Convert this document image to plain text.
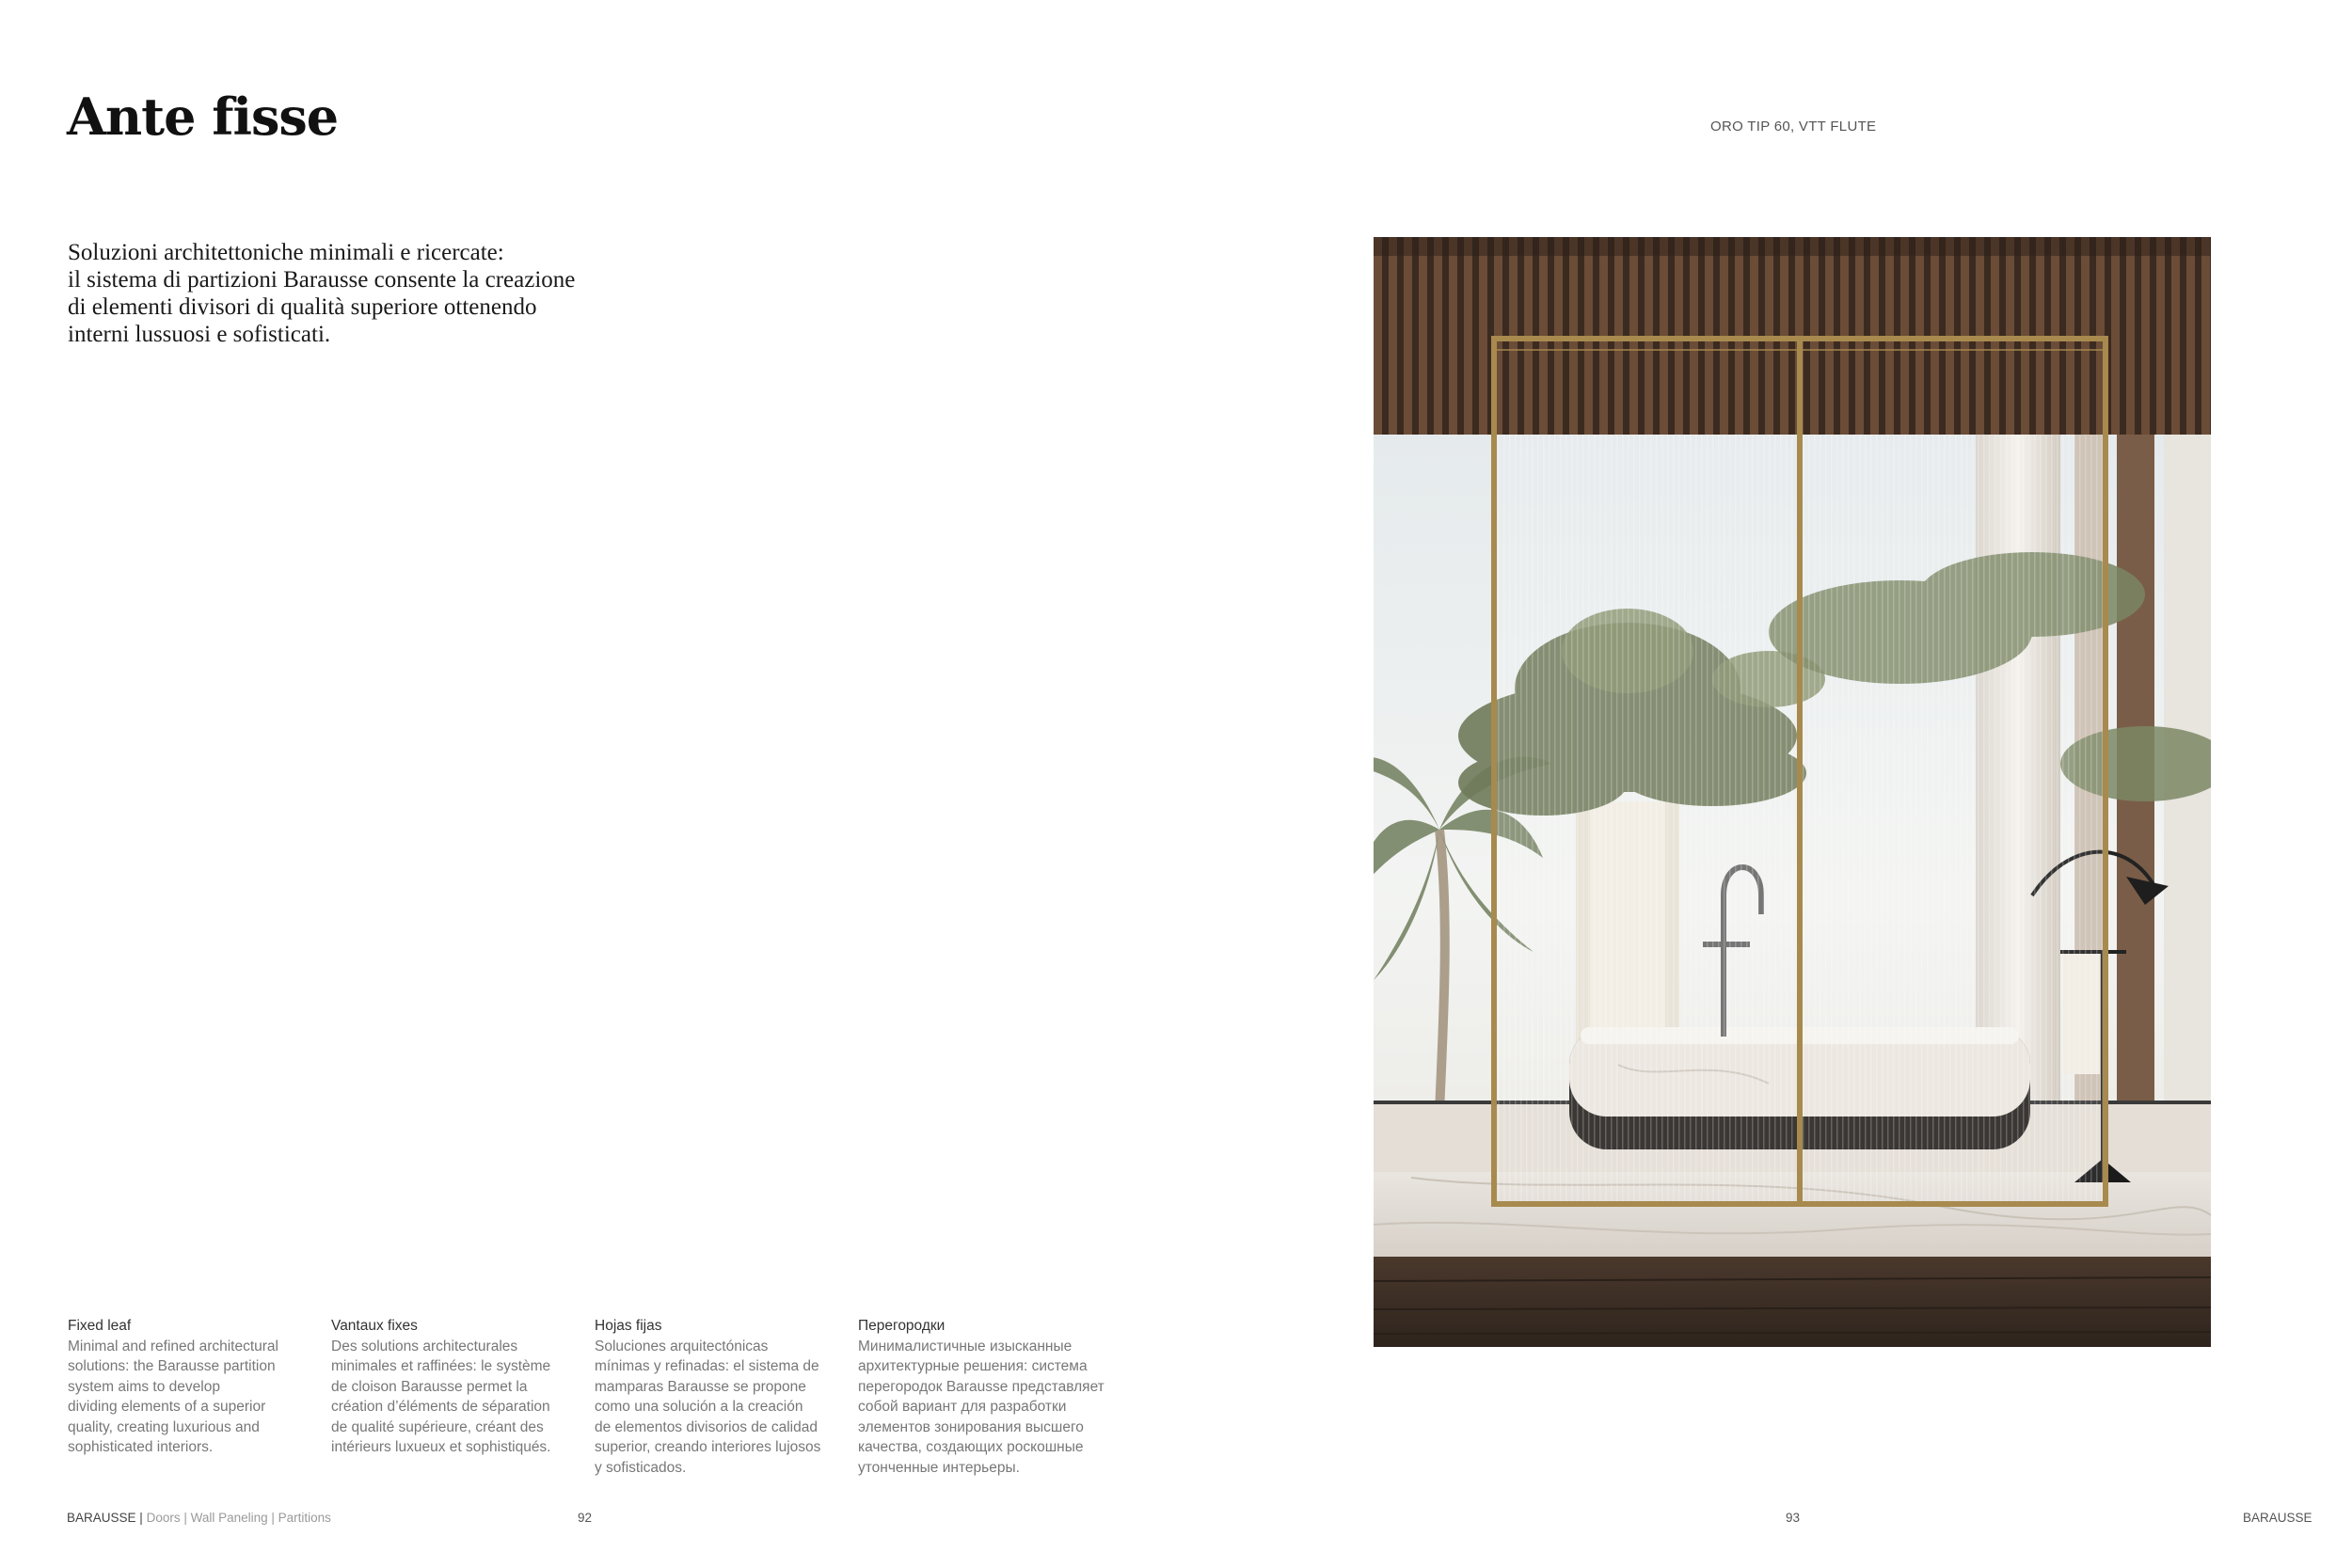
Ante fisse	ORO TIP 60, VTT FLUTE
Soluzioni architettoniche minimali e ricercate:
il sistema di partizioni Barausse consente la creazione
di elementi divisori di qualità superiore ottenendo
interni lussuosi e sofisticati.
Fixed leaf
Minimal and refined architectural
solutions: the Barausse partition
system aims to develop
dividing elements of a superior
quality, creating luxurious and
sophisticated interiors.
Vantaux fixes
Des solutions architecturales
minimales et raffinées: le système
de cloison Barausse permet la
création d’éléments de séparation
de qualité supérieure, créant des
intérieurs luxueux et sophistiqués.
Hojas fijas
Soluciones arquitectónicas
mínimas y refinadas: el sistema de
mamparas Barausse se propone
como una solución a la creación
de elementos divisorios de calidad
superior, creando interiores lujosos
y sofisticados.
Перегородки
Минималистичные изысканные
архитектурные решения: система
перегородок Barausse представляет
собой вариант для разработки
элементов зонирования высшего
качества, создающих роскошные
утонченные интерьеры.
BARAUSSE | Doors | Wall Paneling | Partitions	92	93	BARAUSSE
